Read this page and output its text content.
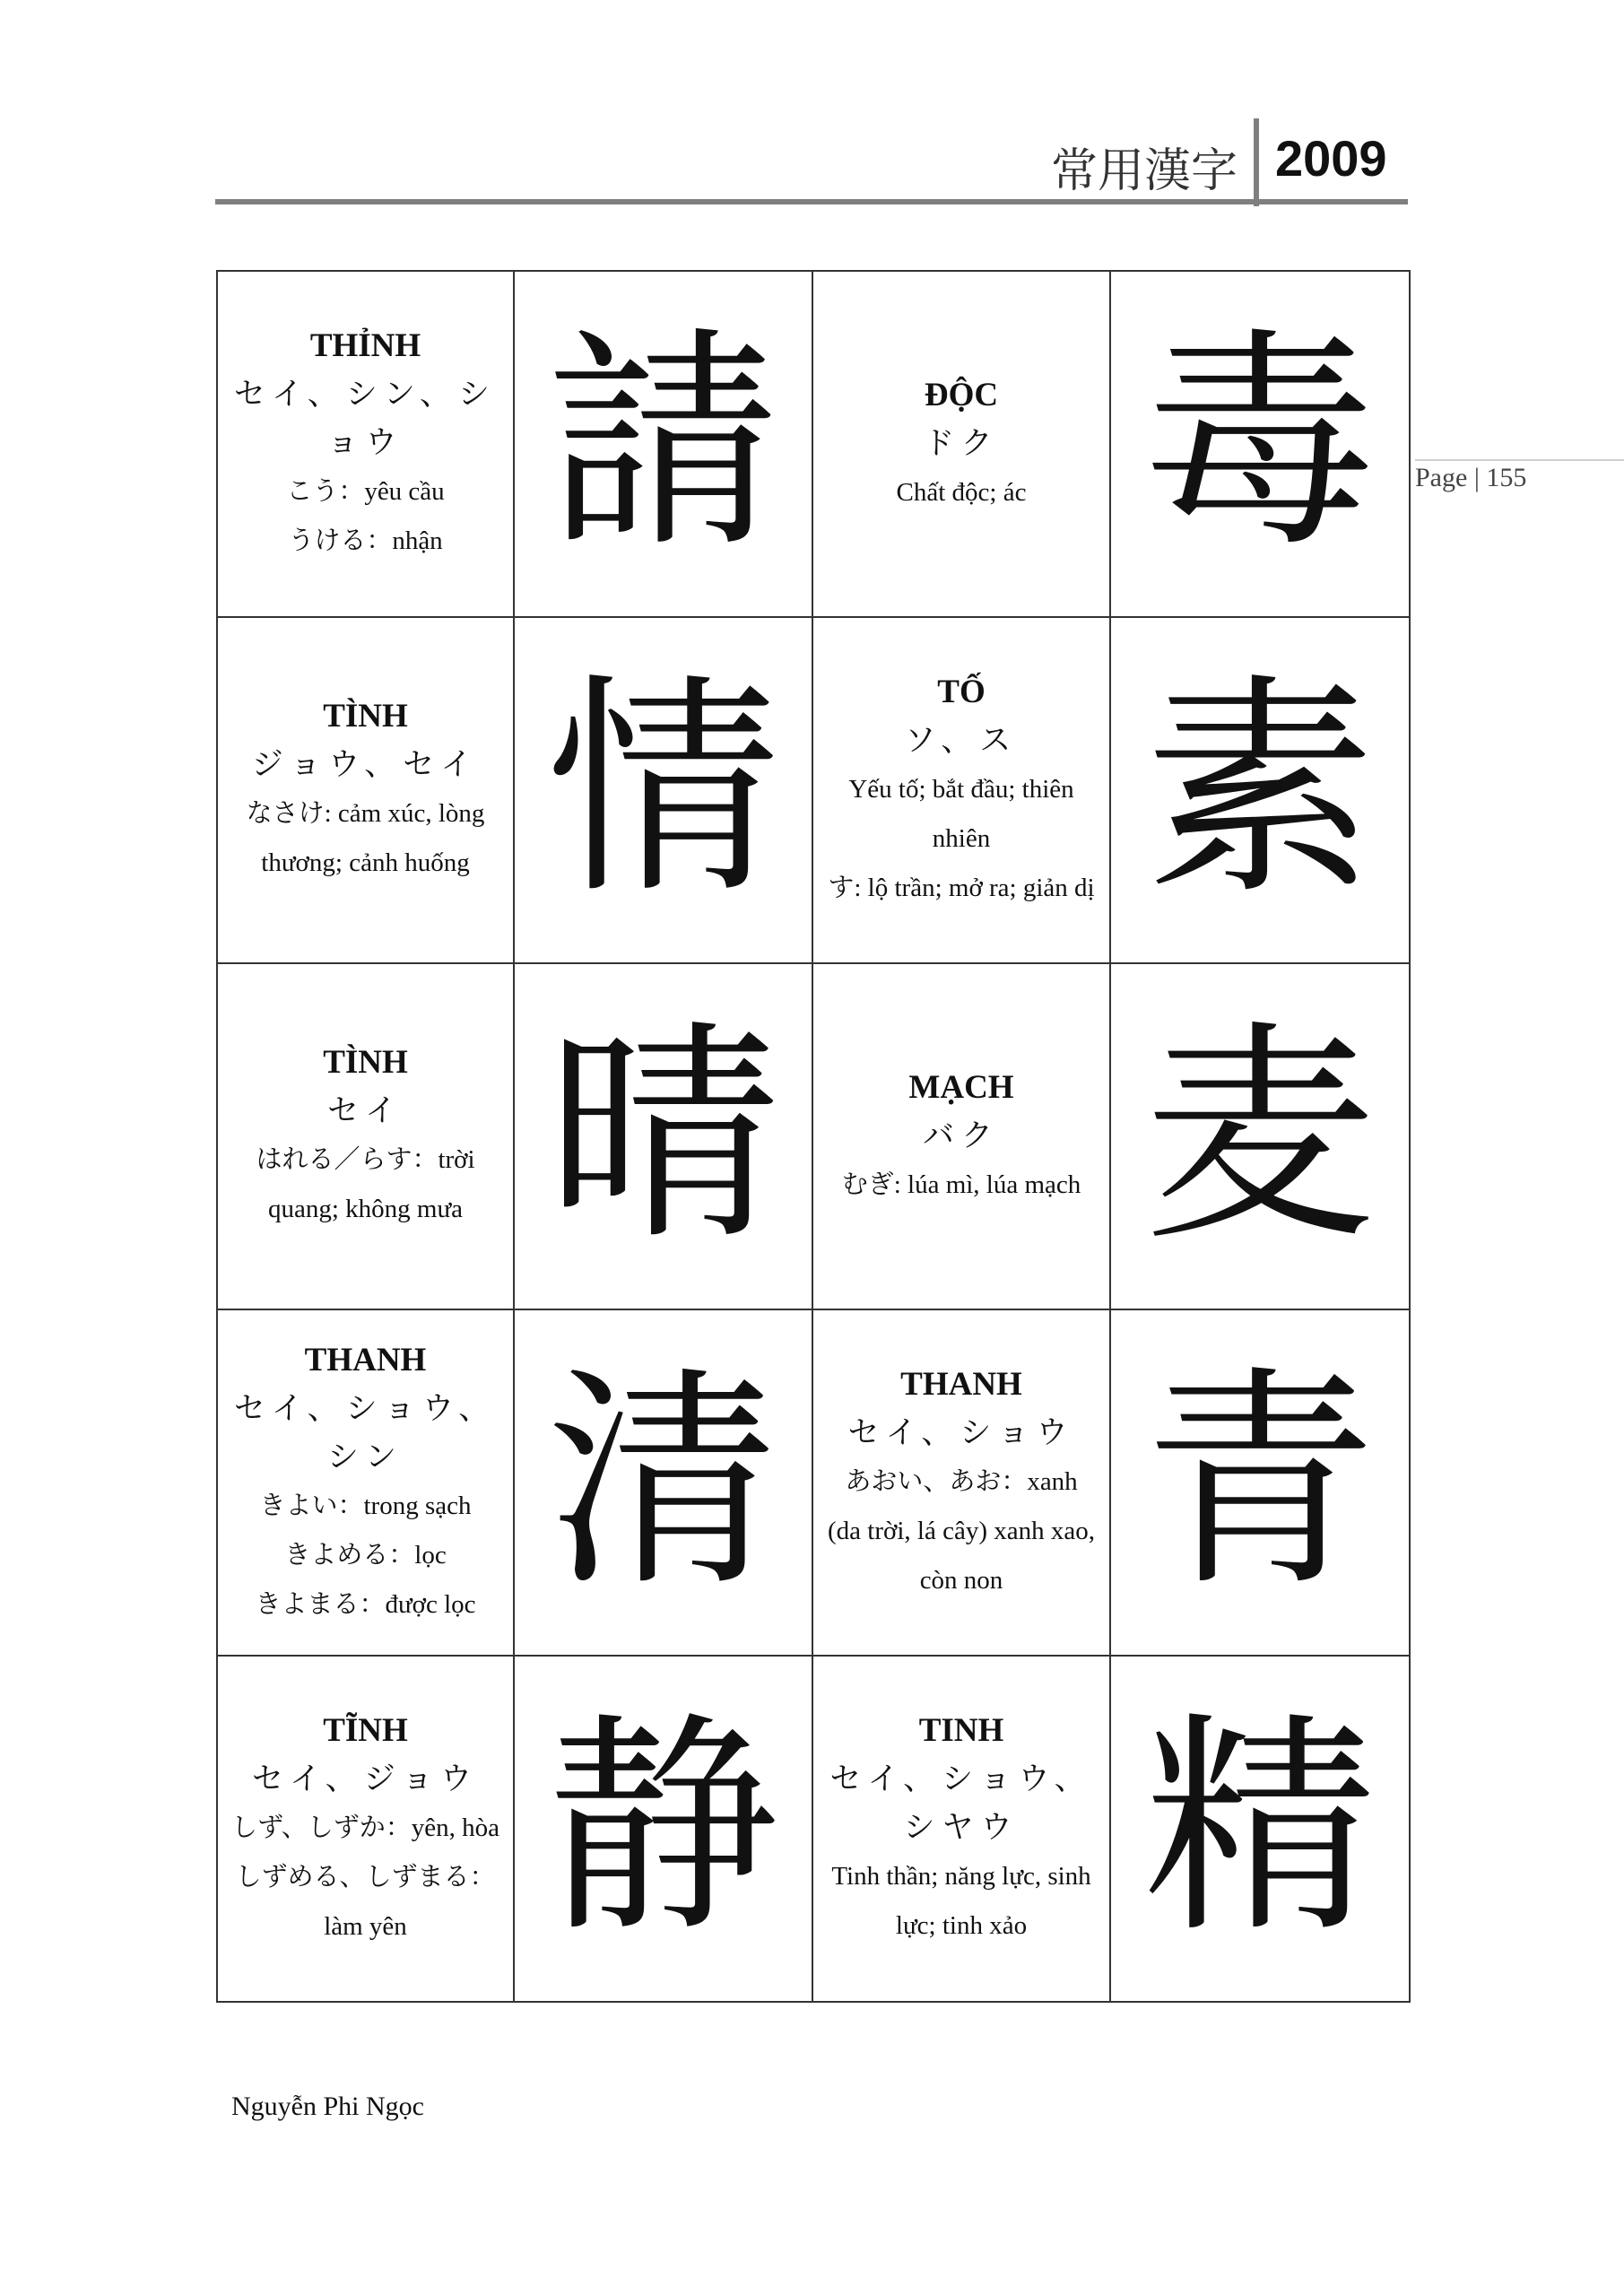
常用漢字 2009
Page | 155
THỈNH
セイ、シン、ショウ
こう：yêu cầu
うける：nhận	請	ĐỘC
ドク
Chất độc; ác	毒

TÌNH
ジョウ、セイ
なさけ: cảm xúc, lòng thương; cảnh huống	情	TỐ
ソ、ス
Yếu tố; bắt đầu; thiên nhiên
す: lộ trần; mở ra; giản dị	素

TÌNH
セイ
はれる／らす：trời quang; không mưa	晴	MẠCH
バク
むぎ: lúa mì, lúa mạch	麦

THANH
セイ、ショウ、シン
きよい：trong sạch
きよめる：lọc
きよまる：được lọc	清	THANH
セイ、ショウ
あおい、あお：xanh (da trời, lá cây) xanh xao, còn non	青

TĨNH
セイ、ジョウ
しず、しずか：yên, hòa
しずめる、しずまる：làm yên	静	TINH
セイ、ショウ、シヤウ
Tinh thần; năng lực, sinh lực; tinh xảo	精
Nguyễn Phi Ngọc
